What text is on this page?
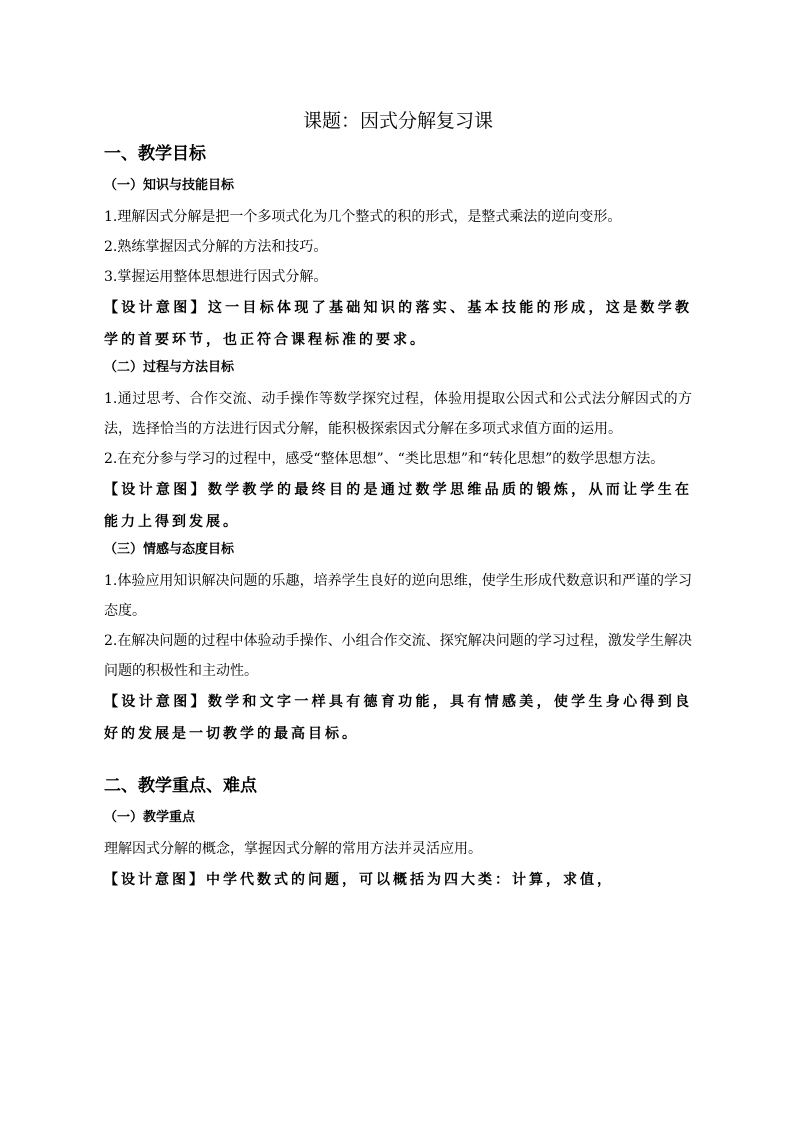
课题：因式分解复习课
一、教学目标
（一）知识与技能目标

1.理解因式分解是把一个多项式化为几个整式的积的形式，是整式乘法的逆向变形。

2.熟练掌握因式分解的方法和技巧。

3.掌握运用整体思想进行因式分解。

【设计意图】这一目标体现了基础知识的落实、基本技能的形成，这是数学教学的首要环节，也正符合课程标准的要求。

（二）过程与方法目标

1.通过思考、合作交流、动手操作等数学探究过程，体验用提取公因式和公式法分解因式的方法，选择恰当的方法进行因式分解，能积极探索因式分解在多项式求值方面的运用。

2.在充分参与学习的过程中，感受“整体思想”、“类比思想”和“转化思想”的数学思想方法。

【设计意图】数学教学的最终目的是通过数学思维品质的锻炼，从而让学生在能力上得到发展。

（三）情感与态度目标

1.体验应用知识解决问题的乐趣，培养学生良好的逆向思维，使学生形成代数意识和严谨的学习态度。

2.在解决问题的过程中体验动手操作、小组合作交流、探究解决问题的学习过程，激发学生解决问题的积极性和主动性。

【设计意图】数学和文字一样具有德育功能，具有情感美，使学生身心得到良好的发展是一切教学的最高目标。

二、教学重点、难点
（一）教学重点

理解因式分解的概念，掌握因式分解的常用方法并灵活应用。

【设计意图】中学代数式的问题，可以概括为四大类：计算，求值，
